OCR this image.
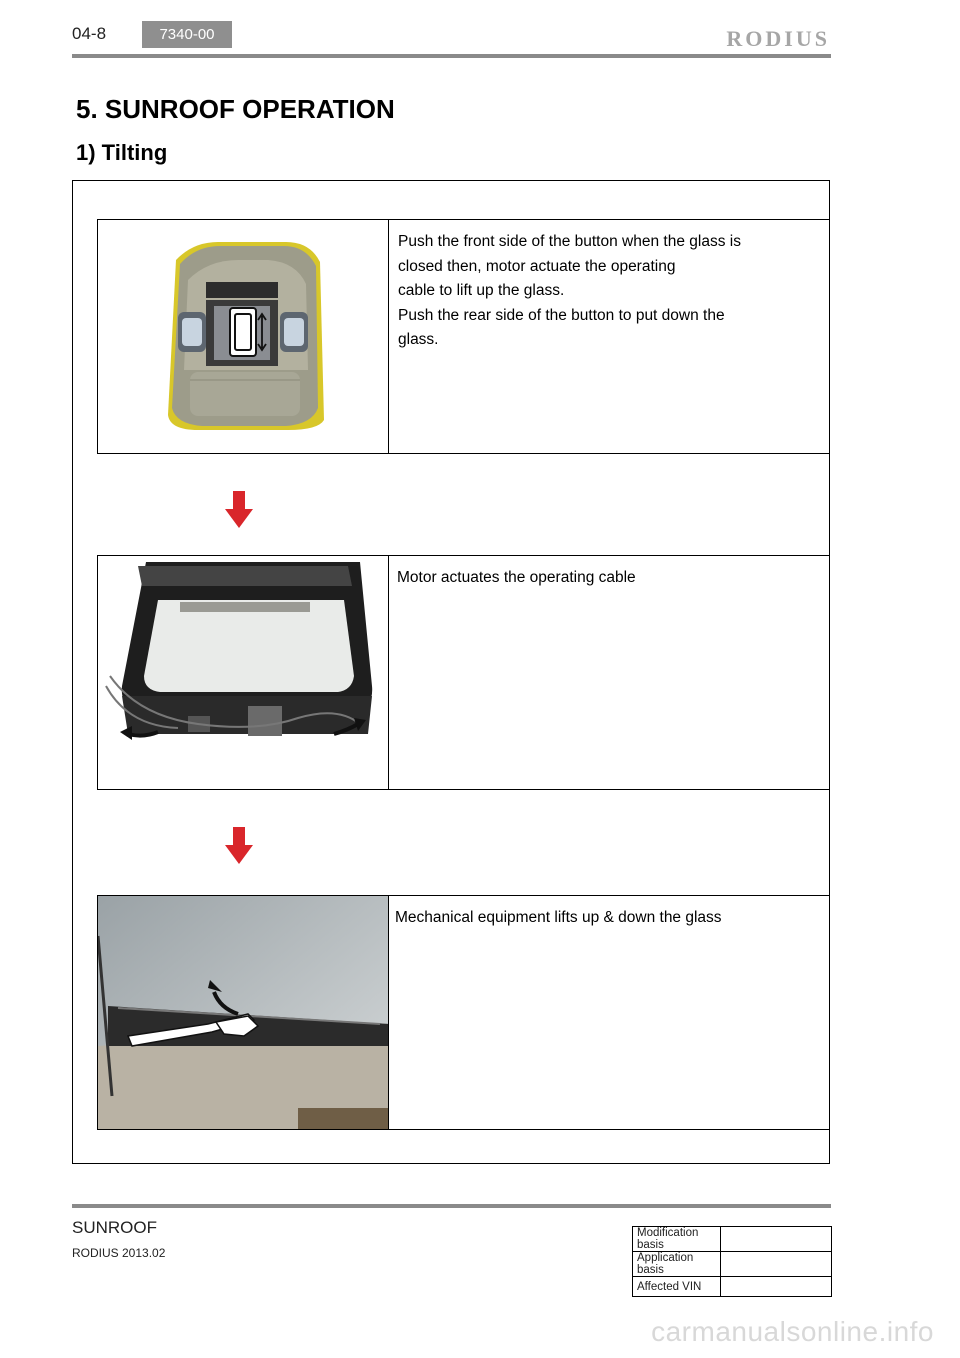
04-8	7340-00	RODIUS
5. SUNROOF OPERATION
1) Tilting
Push the front side of the button when the glass is
closed then, motor actuate the operating
cable to lift up the glass.
Push the rear side of the button to put down the
glass.
Motor actuates the operating cable
Mechanical equipment lifts up & down the glass
SUNROOF
RODIUS 2013.02
Modification basis	
Application basis	
Affected VIN	
carmanualsonline.info
